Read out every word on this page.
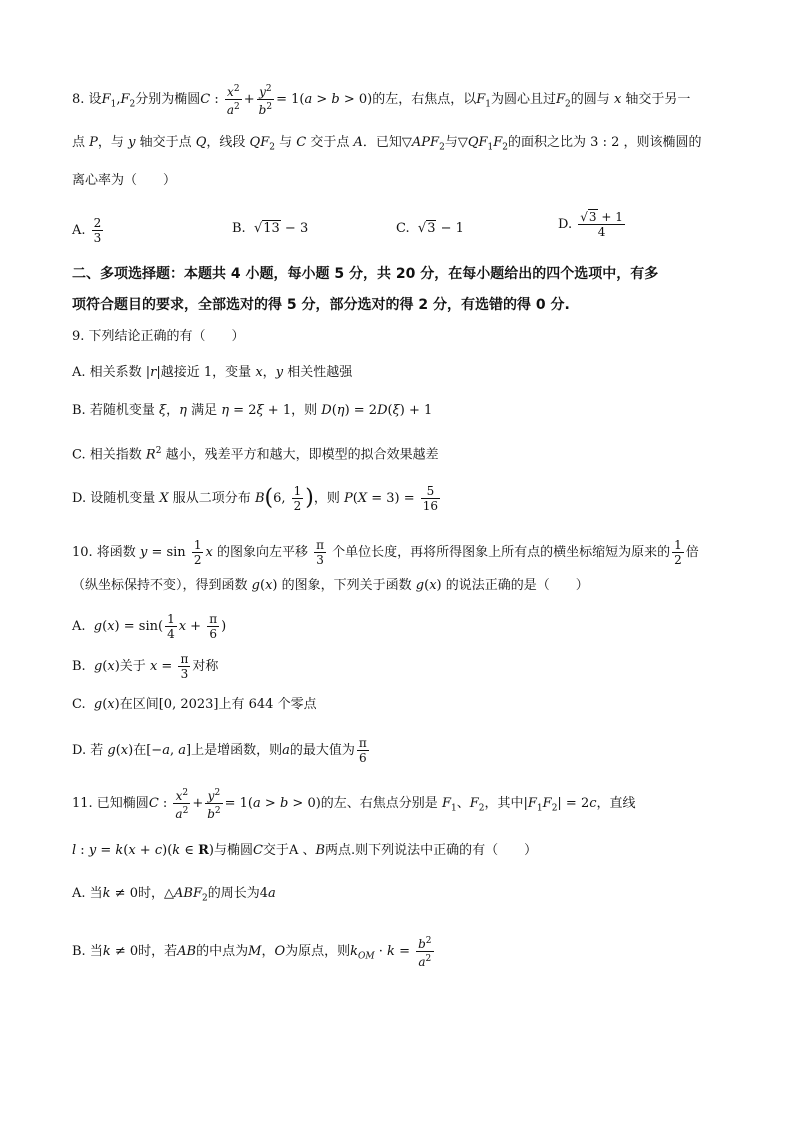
8. 设$F_1,F_2$分别为椭圆C : $\frac{x^2}{a^2} + \frac{y^2}{b^2} = 1(a > b > 0)$的左，右焦点，以$F_1$为圆心且过$F_2$的圆与 x 轴交于另一
点 P，与 y 轴交于点 Q，线段 $QF_2$ 与 C 交于点 A．已知$▽APF_2$与$▽QF_1F_2$的面积之比为 3 : 2 ，则该椭圆的
离心率为（　　）
A. $\frac{2}{3}$	B.  √13 − 3	C.  √3 − 1	D. $\frac{√3 + 1}{4}$
二、多项选择题：本题共 4 小题，每小题 5 分，共 20 分，在每小题给出的四个选项中，有多
项符合题目的要求，全部选对的得 5 分，部分选对的得 2 分，有选错的得 0 分.
9. 下列结论正确的有（　　）
A. 相关系数 |r|越接近 1，变量 x，y 相关性越强
B. 若随机变量 ξ，η 满足 η = 2ξ + 1，则 D(η) = 2D(ξ) + 1
C. 相关指数 $R^2$ 越小，残差平方和越大，即模型的拟合效果越差
D. 设随机变量 X 服从二项分布 B(6, $\frac{1}{2}$ )，则 $P(X = 3) = \frac{5}{16}$
10. 将函数 $y = \sin \frac{1}{2}$ x 的图象向左平移 $\frac{\pi}{3}$ 个单位长度，再将所得图象上所有点的横坐标缩短为原来的 $\frac{1}{2}$ 倍
（纵坐标保持不变），得到函数 g(x) 的图象，下列关于函数 g(x) 的说法正确的是（　　）
A. $g(x) = \sin( \frac{1}{4}$ $x + \frac{\pi}{6}$ )
B. g(x)关于 $x = \frac{\pi}{3}$ 对称
C. g(x)在区间[0, 2023]上有 644 个零点
D. 若 g(x)在[−a, a]上是增函数，则a的最大值为 $\frac{\pi}{6}$
11. 已知椭圆C : $\frac{x^2}{a^2} + \frac{y^2}{b^2} = 1(a > b > 0)$的左、右焦点分别是 $F_1$、$F_2$，其中$|F_1F_2| = 2c$，直线
l : y = k(x + c)(k ∈ R)与椭圆C交于A 、B两点.则下列说法中正确的有（　　）
A. 当k ≠ 0时，$\triangle ABF_2$的周长为4a
B. 当k ≠ 0时，若AB的中点为M，O为原点，则$k_{OM} \cdot k = \frac{b^2}{a^2}$
